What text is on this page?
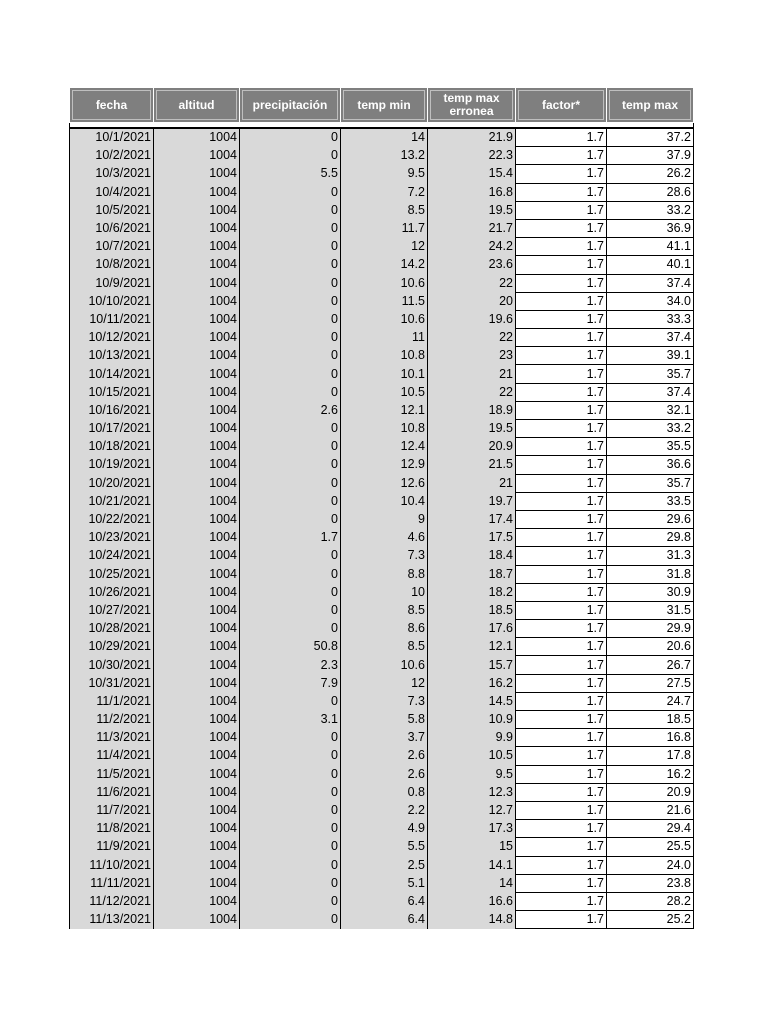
fecha	altitud	precipitación	temp min	temp max erronea	factor*	temp max

10/1/2021	1004	0	14	21.9	1.7	37.2
10/2/2021	1004	0	13.2	22.3	1.7	37.9
10/3/2021	1004	5.5	9.5	15.4	1.7	26.2
10/4/2021	1004	0	7.2	16.8	1.7	28.6
10/5/2021	1004	0	8.5	19.5	1.7	33.2
10/6/2021	1004	0	11.7	21.7	1.7	36.9
10/7/2021	1004	0	12	24.2	1.7	41.1
10/8/2021	1004	0	14.2	23.6	1.7	40.1
10/9/2021	1004	0	10.6	22	1.7	37.4
10/10/2021	1004	0	11.5	20	1.7	34.0
10/11/2021	1004	0	10.6	19.6	1.7	33.3
10/12/2021	1004	0	11	22	1.7	37.4
10/13/2021	1004	0	10.8	23	1.7	39.1
10/14/2021	1004	0	10.1	21	1.7	35.7
10/15/2021	1004	0	10.5	22	1.7	37.4
10/16/2021	1004	2.6	12.1	18.9	1.7	32.1
10/17/2021	1004	0	10.8	19.5	1.7	33.2
10/18/2021	1004	0	12.4	20.9	1.7	35.5
10/19/2021	1004	0	12.9	21.5	1.7	36.6
10/20/2021	1004	0	12.6	21	1.7	35.7
10/21/2021	1004	0	10.4	19.7	1.7	33.5
10/22/2021	1004	0	9	17.4	1.7	29.6
10/23/2021	1004	1.7	4.6	17.5	1.7	29.8
10/24/2021	1004	0	7.3	18.4	1.7	31.3
10/25/2021	1004	0	8.8	18.7	1.7	31.8
10/26/2021	1004	0	10	18.2	1.7	30.9
10/27/2021	1004	0	8.5	18.5	1.7	31.5
10/28/2021	1004	0	8.6	17.6	1.7	29.9
10/29/2021	1004	50.8	8.5	12.1	1.7	20.6
10/30/2021	1004	2.3	10.6	15.7	1.7	26.7
10/31/2021	1004	7.9	12	16.2	1.7	27.5
11/1/2021	1004	0	7.3	14.5	1.7	24.7
11/2/2021	1004	3.1	5.8	10.9	1.7	18.5
11/3/2021	1004	0	3.7	9.9	1.7	16.8
11/4/2021	1004	0	2.6	10.5	1.7	17.8
11/5/2021	1004	0	2.6	9.5	1.7	16.2
11/6/2021	1004	0	0.8	12.3	1.7	20.9
11/7/2021	1004	0	2.2	12.7	1.7	21.6
11/8/2021	1004	0	4.9	17.3	1.7	29.4
11/9/2021	1004	0	5.5	15	1.7	25.5
11/10/2021	1004	0	2.5	14.1	1.7	24.0
11/11/2021	1004	0	5.1	14	1.7	23.8
11/12/2021	1004	0	6.4	16.6	1.7	28.2
11/13/2021	1004	0	6.4	14.8	1.7	25.2
